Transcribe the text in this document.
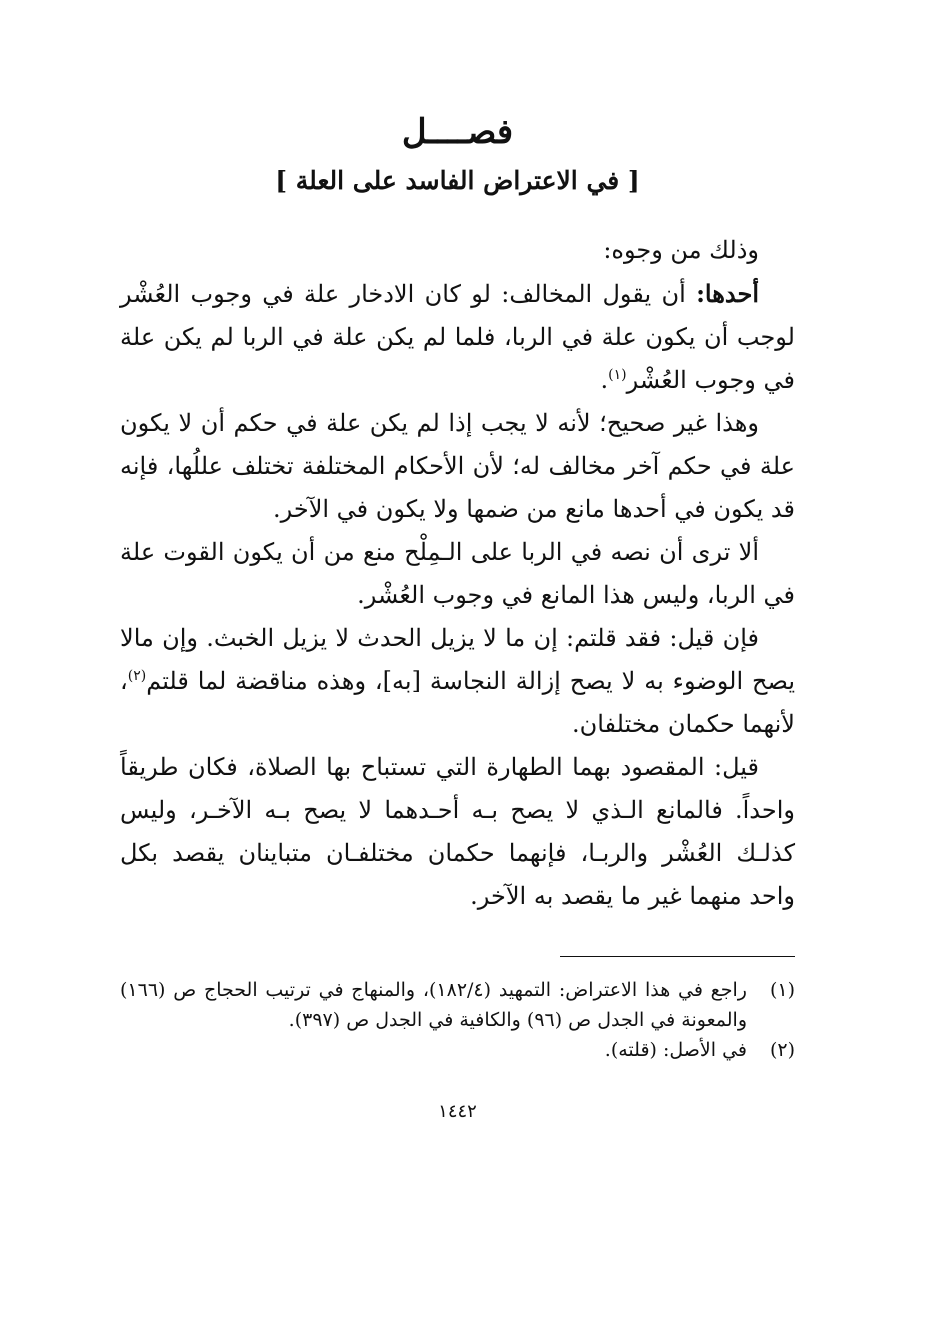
فصــــل
[ في الاعتراض الفاسد على العلة ]

وذلك من وجوه:

أحدها: أن يقول المخالف: لو كان الادخار علة في وجوب العُشْر لوجب أن يكون علة في الربا، فلما لم يكن علة في الربا لم يكن علة في وجوب العُشْر$^{(١)}$.

وهذا غير صحيح؛ لأنه لا يجب إذا لم يكن علة في حكم أن لا يكون علة في حكم آخر مخالف له؛ لأن الأحكام المختلفة تختلف عللُها، فإنه قد يكون في أحدها مانع من ضمها ولا يكون في الآخر.

ألا ترى أن نصه في الربا على الـمِلْح منع من أن يكون القوت علة في الربا، وليس هذا المانع في وجوب العُشْر.

فإن قيل: فقد قلتم: إن ما لا يزيل الحدث لا يزيل الخبث. وإن مالا يصح الوضوء به لا يصح إزالة النجاسة [به]، وهذه مناقضة لما قلتم$^{(٢)}$، لأنهما حكمان مختلفان.

قيل: المقصود بهما الطهارة التي تستباح بها الصلاة، فكان طريقاً واحداً. فالمانع الـذي لا يصح بـه أحـدهما لا يصح بـه الآخـر، وليس كذلـك العُشْر والربـا، فإنهما حكمان مختلفـان متباينان يقصد بكل واحد منهما غير ما يقصد به الآخر.

(١)
راجع في هذا الاعتراض: التمهيد (١٨٢/٤)، والمنهاج في ترتيب الحجاج ص (١٦٦) والمعونة في الجدل ص (٩٦) والكافية في الجدل ص (٣٩٧).
(٢)
في الأصل: (قلته).
١٤٤٢
